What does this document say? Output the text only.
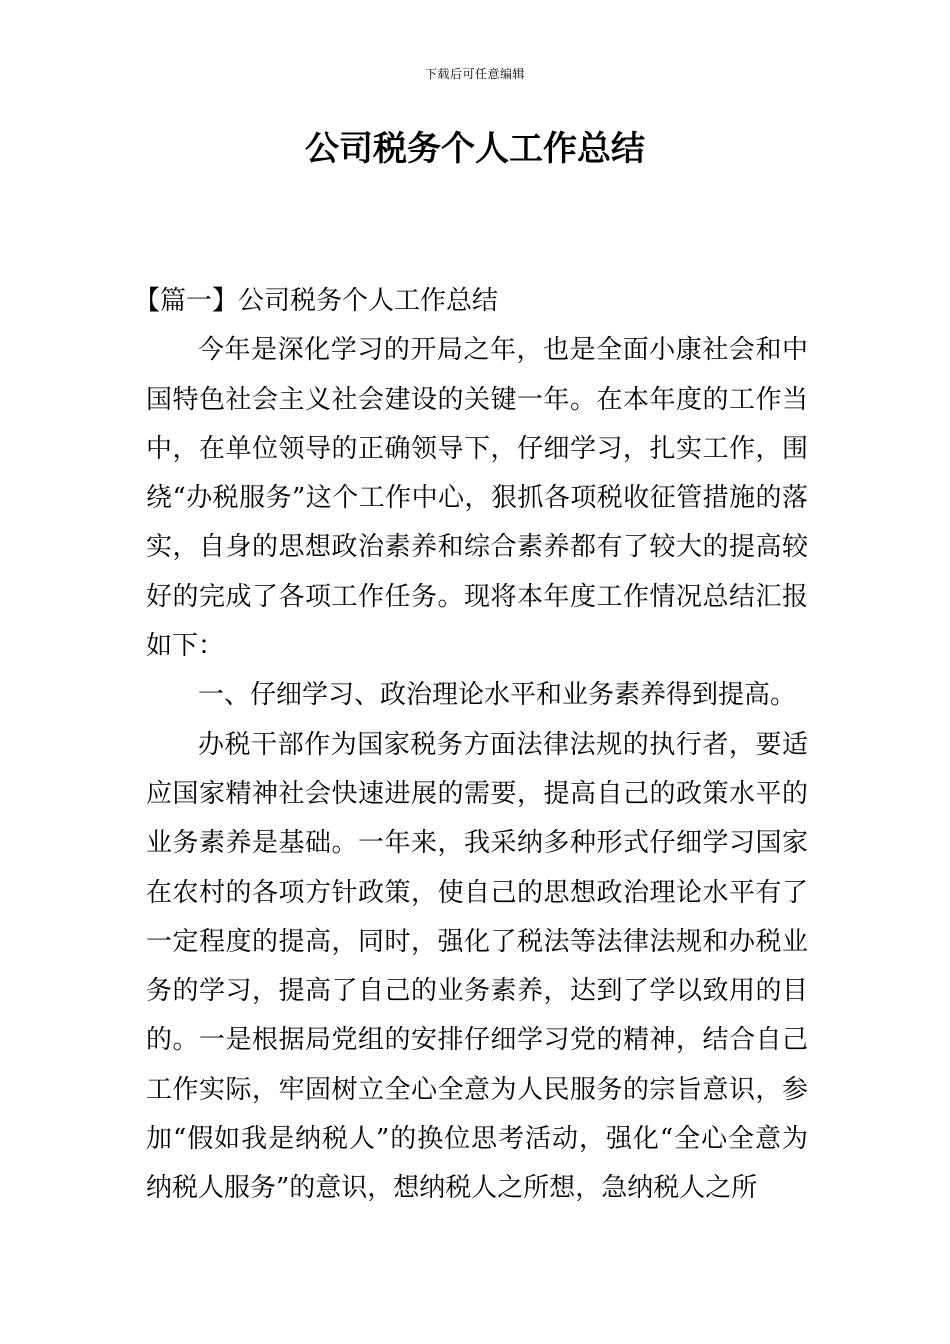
下载后可任意编辑
公司税务个人工作总结

【篇一】公司税务个人工作总结

今年是深化学习的开局之年，也是全面小康社会和中国特色社会主义社会建设的关键一年。在本年度的工作当中，在单位领导的正确领导下，仔细学习，扎实工作，围绕“办税服务”这个工作中心，狠抓各项税收征管措施的落实，自身的思想政治素养和综合素养都有了较大的提高较好的完成了各项工作任务。现将本年度工作情况总结汇报如下：

一、仔细学习、政治理论水平和业务素养得到提高。

办税干部作为国家税务方面法律法规的执行者，要适应国家精神社会快速进展的需要，提高自己的政策水平的业务素养是基础。一年来，我采纳多种形式仔细学习国家在农村的各项方针政策，使自己的思想政治理论水平有了一定程度的提高，同时，强化了税法等法律法规和办税业务的学习，提高了自己的业务素养，达到了学以致用的目的。一是根据局党组的安排仔细学习党的精神，结合自己工作实际，牢固树立全心全意为人民服务的宗旨意识，参加“假如我是纳税人”的换位思考活动，强化“全心全意为纳税人服务”的意识，想纳税人之所想，急纳税人之所
